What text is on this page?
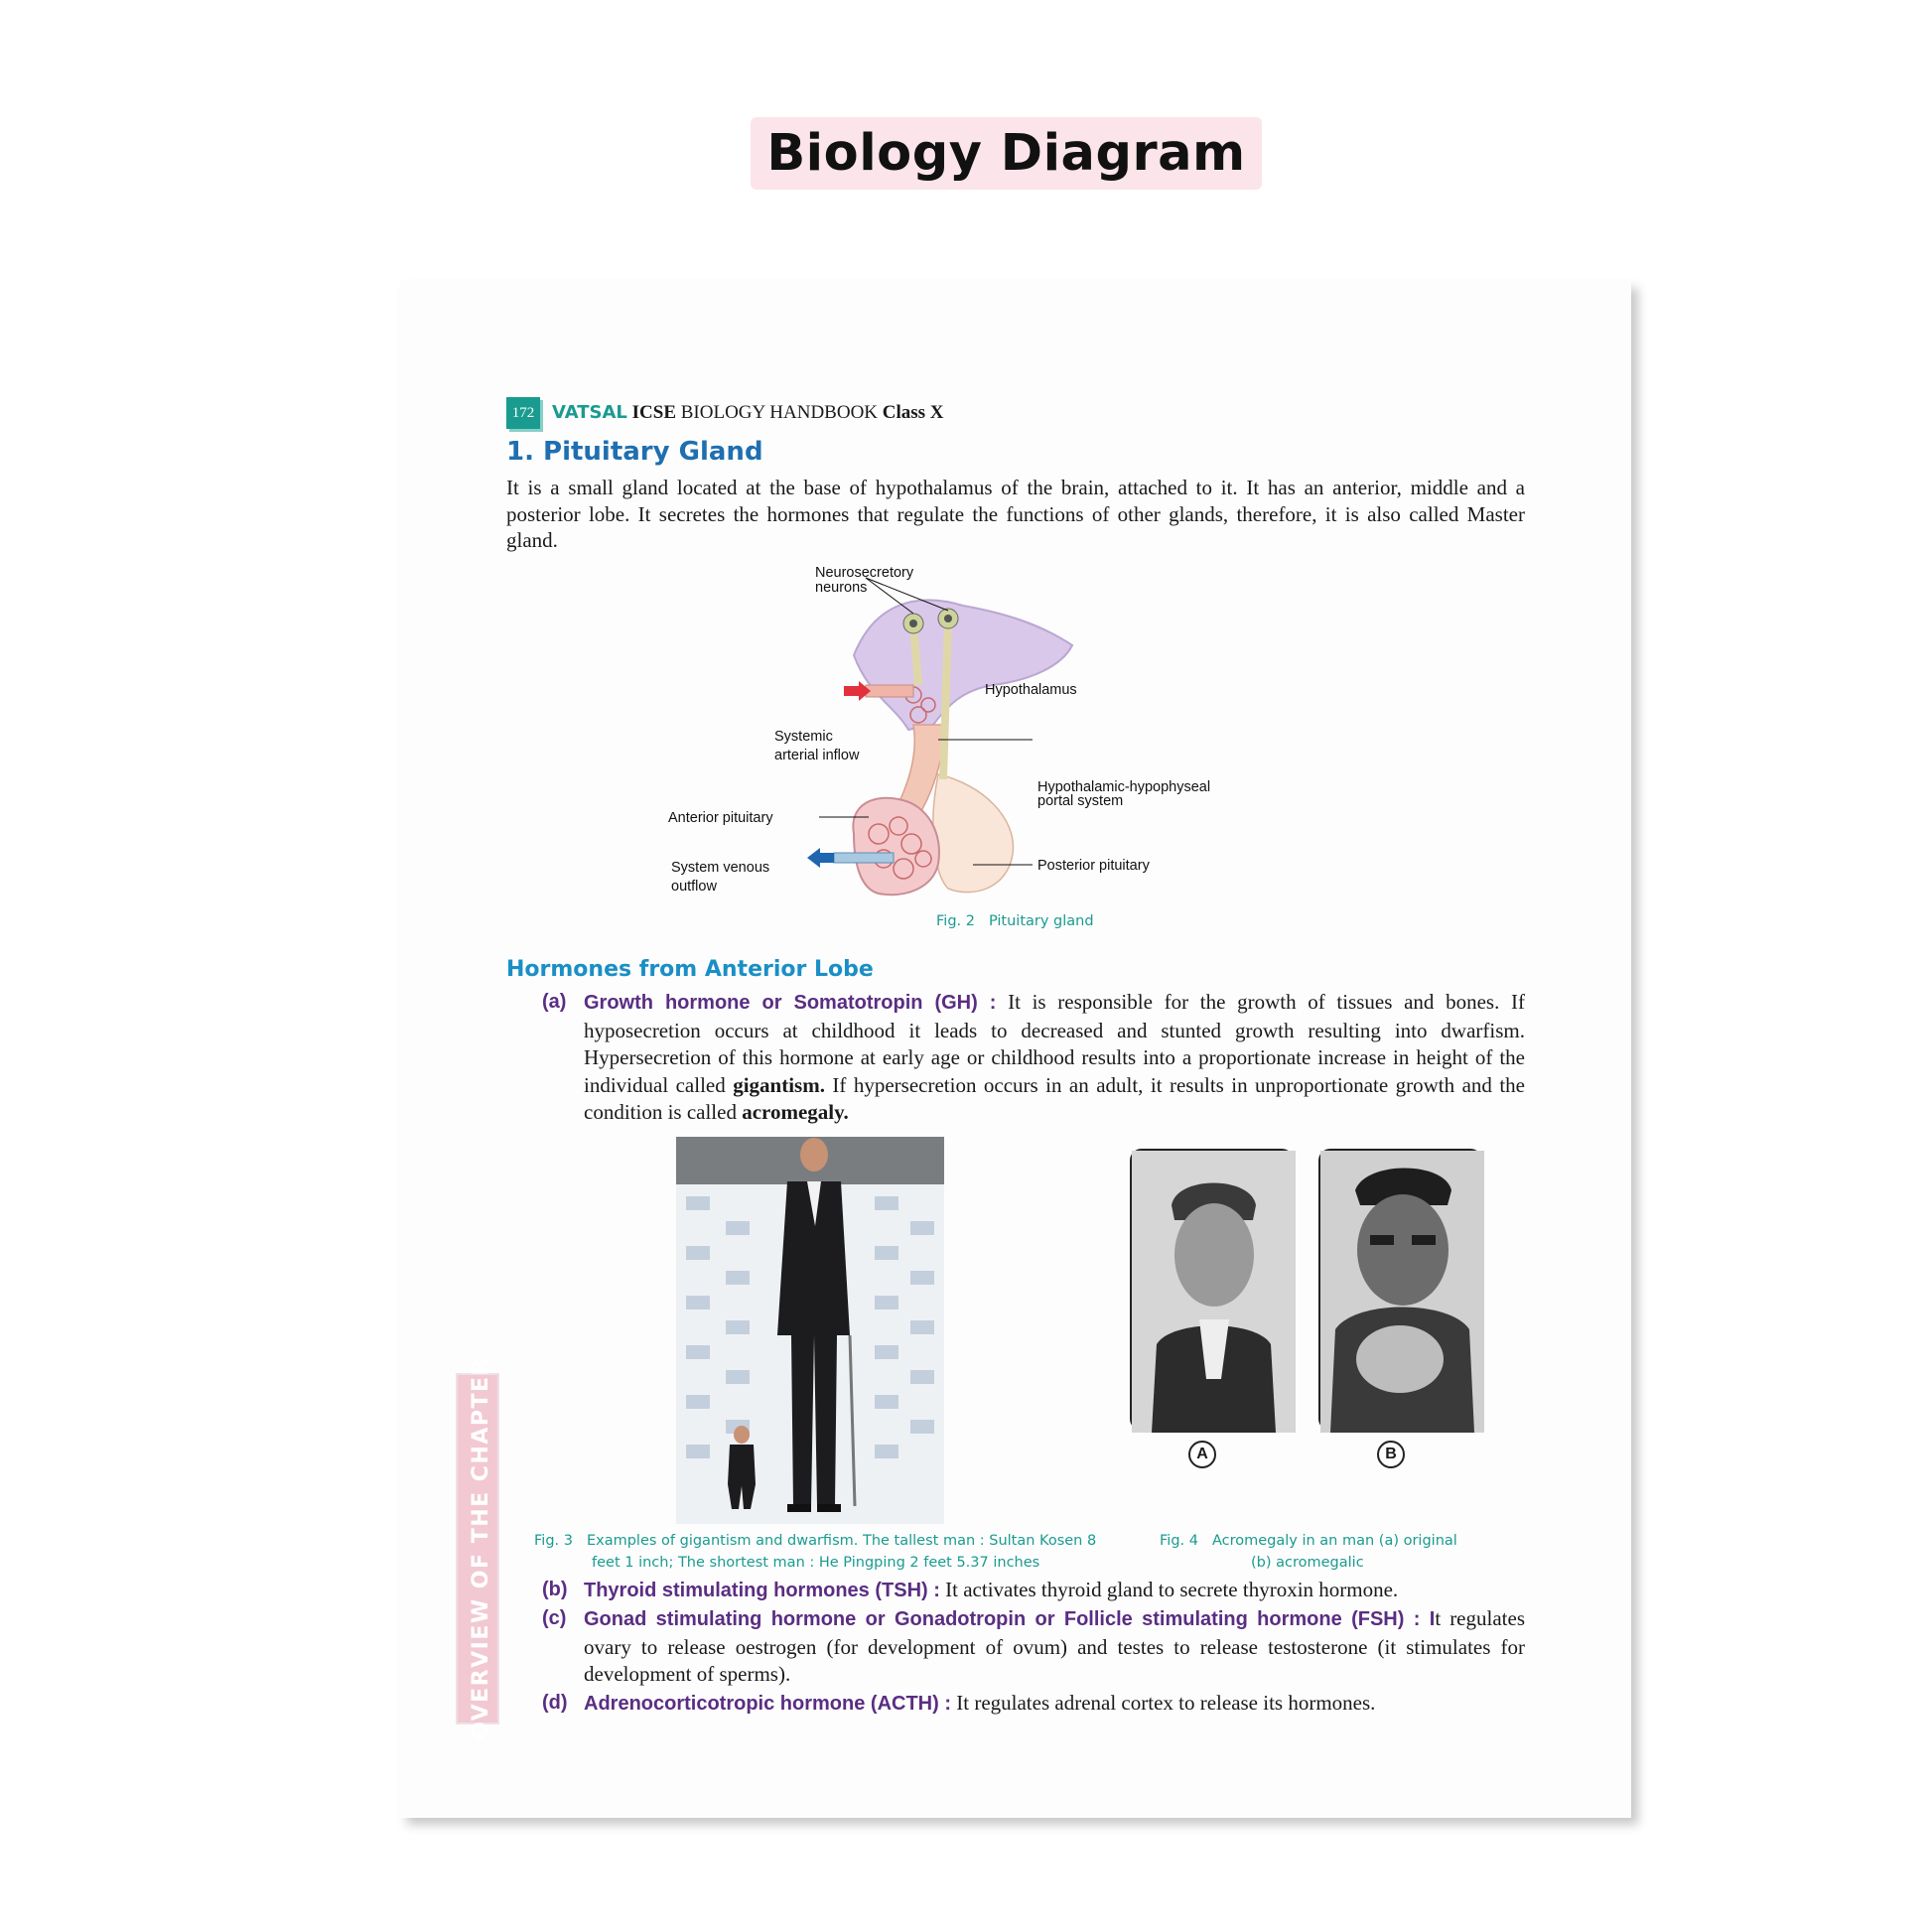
Biology Diagram
OVERVIEW OF THE CHAPTER
172 VATSAL ICSE BIOLOGY HANDBOOK Class X
1. Pituitary Gland

It is a small gland located at the base of hypothalamus of the brain, attached to it. It has an anterior, middle and a posterior lobe. It secretes the hormones that regulate the functions of other glands, therefore, it is also called Master gland.

Neurosecretory
neurons
Hypothalamus
Systemic
arterial inflow
Hypothalamic-hypophyseal
portal system
Anterior pituitary
System venous
outflow
Posterior pituitary
Fig. 2 Pituitary gland
Hormones from Anterior Lobe
(a) Growth hormone or Somatotropin (GH) : It is responsible for the growth of tissues and bones. If hyposecretion occurs at childhood it leads to decreased and stunted growth resulting into dwarfism. Hypersecretion of this hormone at early age or childhood results into a proportionate increase in height of the individual called gigantism. If hypersecretion occurs in an adult, it results in unproportionate growth and the condition is called acromegaly.
A	B
Fig. 3 Examples of gigantism and dwarfism. The tallest man : Sultan Kosen 8
feet 1 inch; The shortest man : He Pingping 2 feet 5.37 inches
Fig. 4 Acromegaly in an man (a) original
(b) acromegalic
(b) Thyroid stimulating hormones (TSH) : It activates thyroid gland to secrete thyroxin hormone.
(c) Gonad stimulating hormone or Gonadotropin or Follicle stimulating hormone (FSH) : It regulates ovary to release oestrogen (for development of ovum) and testes to release testosterone (it stimulates for development of sperms).
(d) Adrenocorticotropic hormone (ACTH) : It regulates adrenal cortex to release its hormones.
